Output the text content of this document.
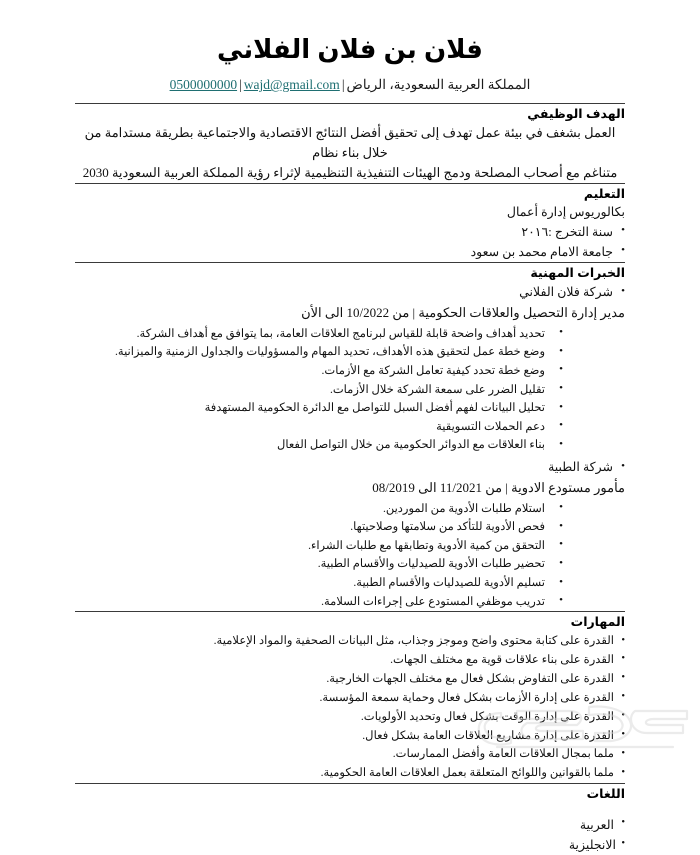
فلان بن فلان الفلاني
المملكة العربية السعودية، الرياض|wajd@gmail.com|0500000000
الهدف الوظيفي

العمل بشغف في بيئة عمل تهدف إلى تحقيق أفضل النتائج الاقتصادية والاجتماعية بطريقة مستدامة من خلال بناء نظام

متناغم مع أصحاب المصلحة ودمج الهيئات التنفيذية التنظيمية لإثراء رؤية المملكة العربية السعودية 2030

التعليم
بكالوريوس إدارة أعمال
• سنة التخرج :٢٠١٦
• جامعة الامام محمد بن سعود
الخبرات المهنية
• شركة فلان الفلاني
مدير إدارة التحصيل والعلاقات الحكومية | من 10/2022 الى الأن
• تحديد أهداف واضحة قابلة للقياس لبرنامج العلاقات العامة، بما يتوافق مع أهداف الشركة.
• وضع خطة عمل لتحقيق هذه الأهداف، تحديد المهام والمسؤوليات والجداول الزمنية والميزانية.
• وضع خطة تحدد كيفية تعامل الشركة مع الأزمات.
• تقليل الضرر على سمعة الشركة خلال الأزمات.
• تحليل البيانات لفهم أفضل السبل للتواصل مع الدائرة الحكومية المستهدفة
• دعم الحملات التسويقية
• بناء العلاقات مع الدوائر الحكومية من خلال التواصل الفعال
• شركة الطبية
مأمور مستودع الادوية | من 11/2021 الى 08/2019
• استلام طلبات الأدوية من الموردين.
• فحص الأدوية للتأكد من سلامتها وصلاحيتها.
• التحقق من كمية الأدوية وتطابقها مع طلبات الشراء.
• تحضير طلبات الأدوية للصيدليات والأقسام الطبية.
• تسليم الأدوية للصيدليات والأقسام الطبية.
• تدريب موظفي المستودع على إجراءات السلامة.
المهارات
• القدرة على كتابة محتوى واضح وموجز وجذاب، مثل البيانات الصحفية والمواد الإعلامية.
• القدرة على بناء علاقات قوية مع مختلف الجهات.
• القدرة على التفاوض بشكل فعال مع مختلف الجهات الخارجية.
• القدرة على إدارة الأزمات بشكل فعال وحماية سمعة المؤسسة.
• القدرة على إدارة الوقت بشكل فعال وتحديد الأولويات.
• القدرة على إدارة مشاريع العلاقات العامة بشكل فعال.
• ملما بمجال العلاقات العامة وأفضل الممارسات.
• ملما بالقوانين واللوائح المتعلقة بعمل العلاقات العامة الحكومية.
اللغات
• العربية
• الانجليزية
